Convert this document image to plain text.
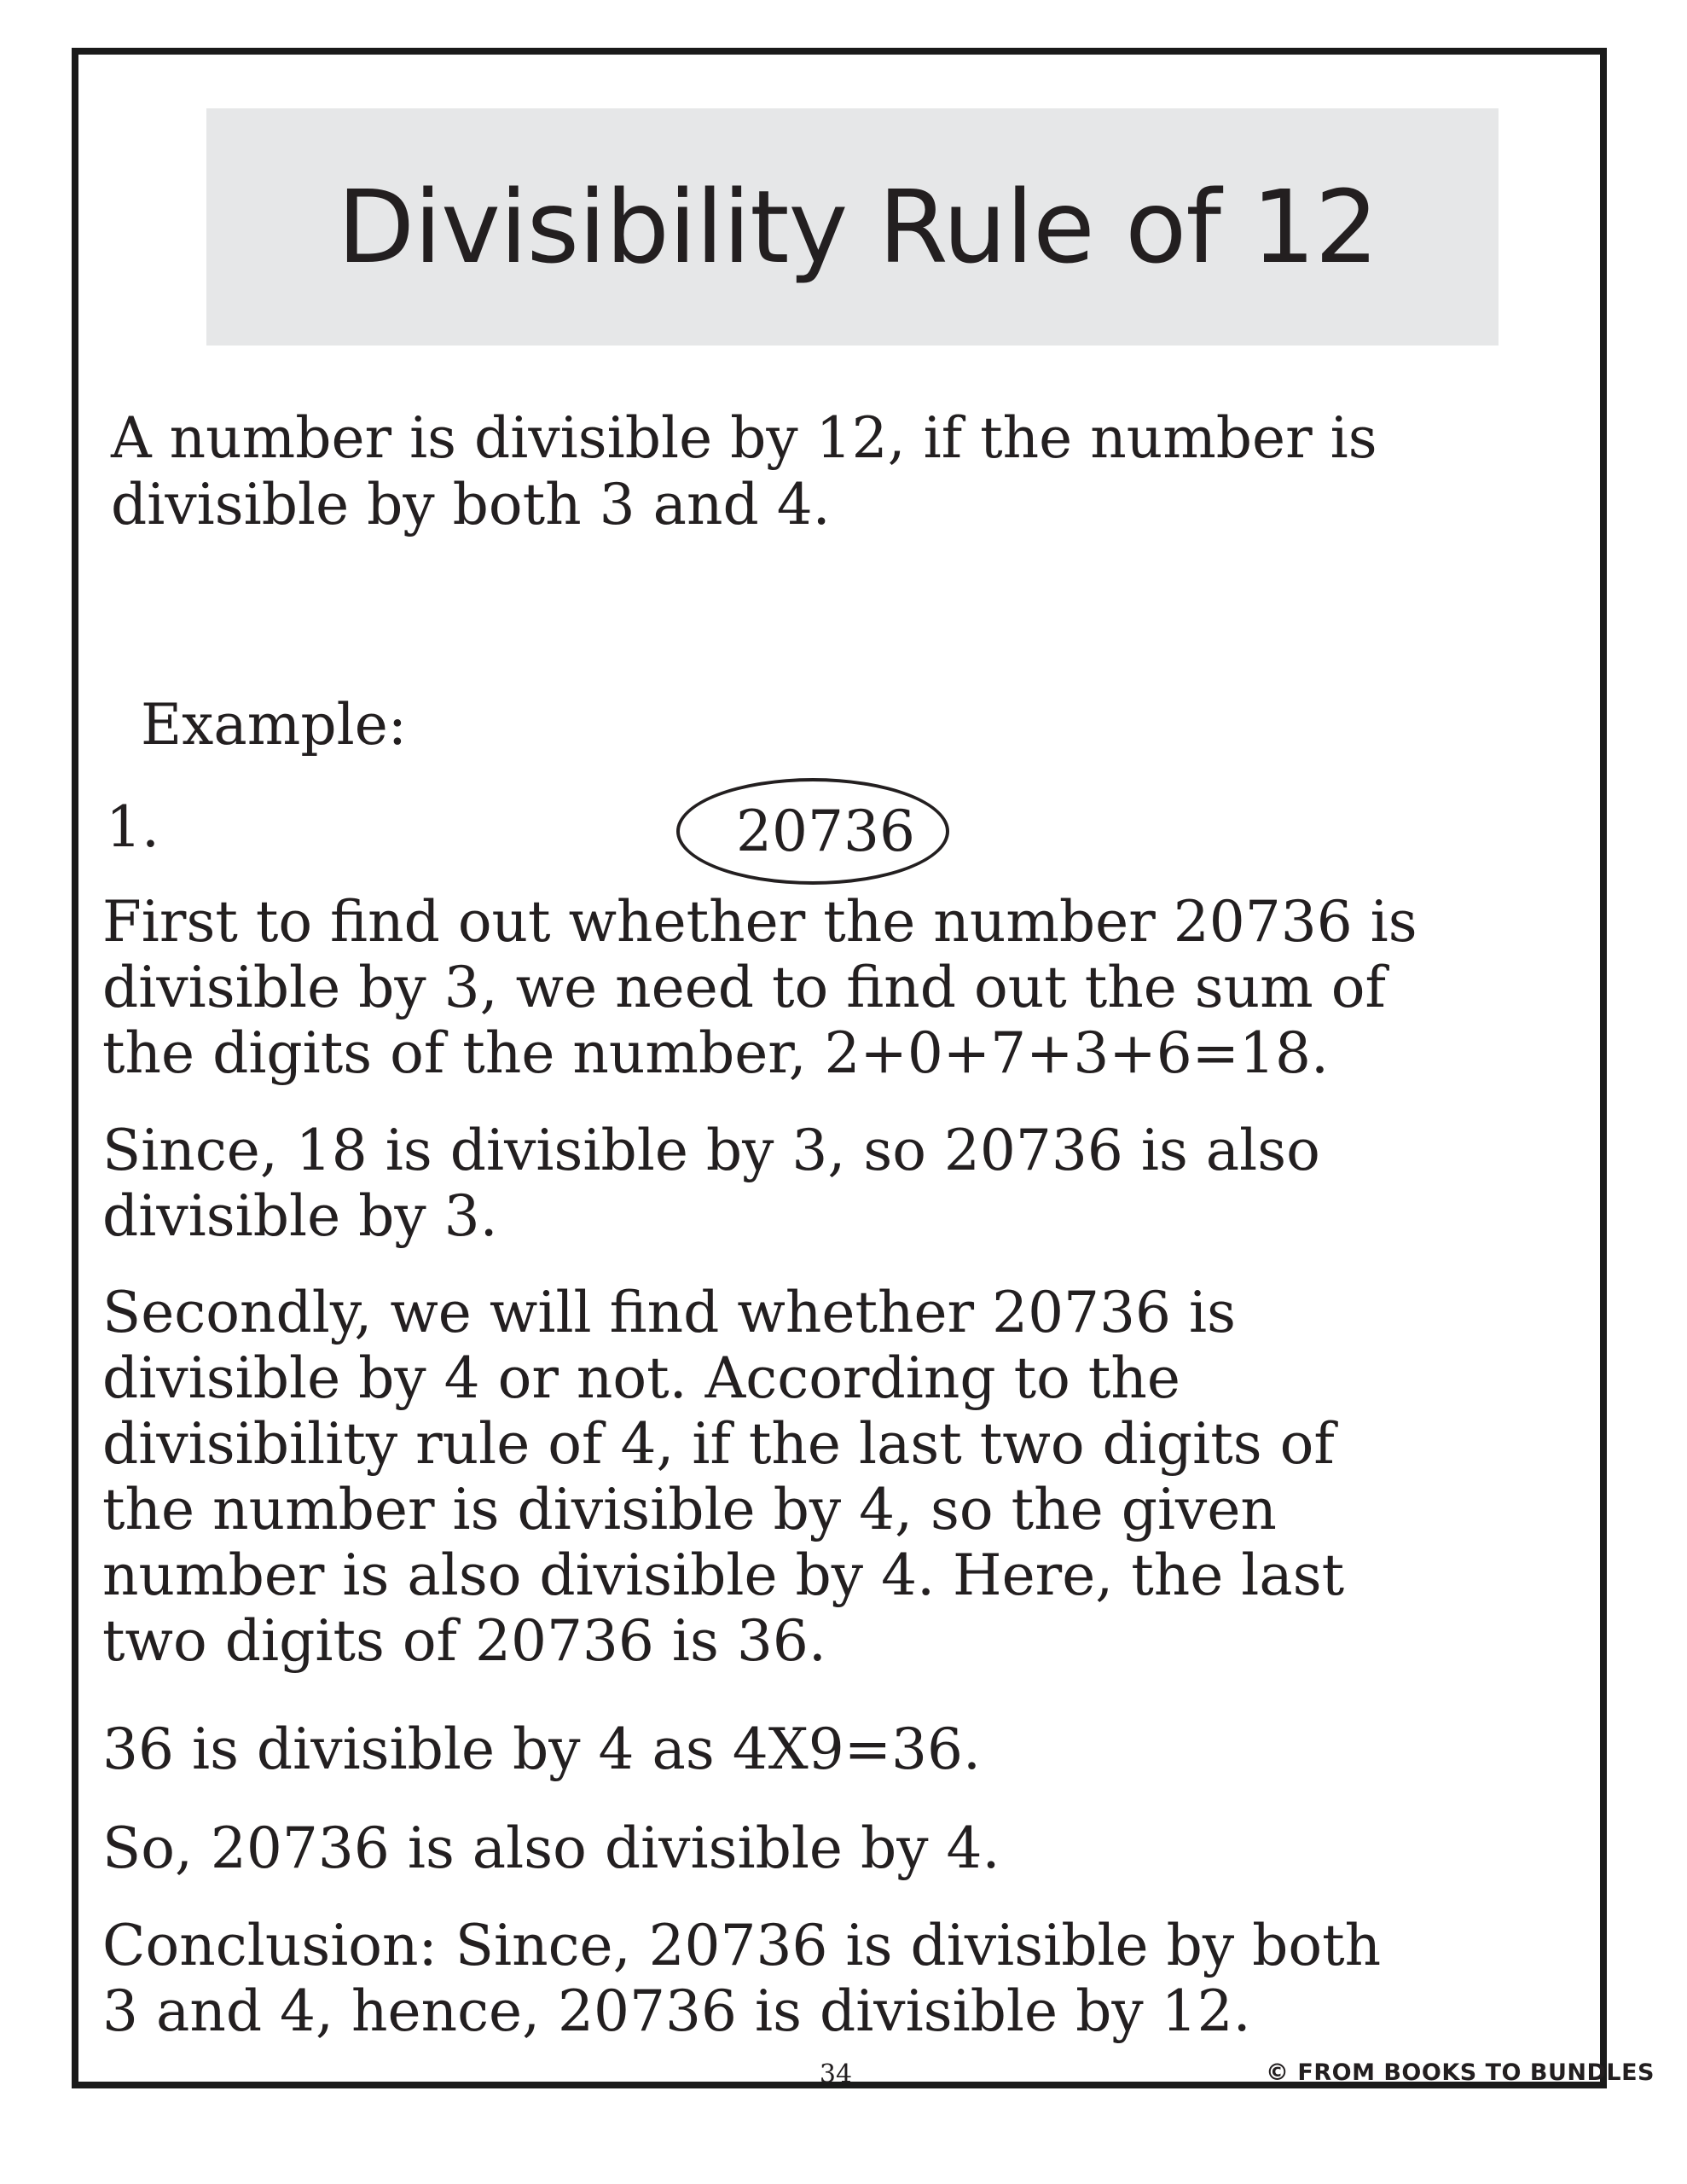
Divisibility Rule of 12

A number is divisible by 12, if the number is
divisible by both 3 and 4.

Example:

1.	20736

First to find out whether the number 20736 is
divisible by 3, we need to find out the sum of
the digits of the number, 2+0+7+3+6=18.

Since, 18 is divisible by 3, so 20736 is also
divisible by 3.

Secondly, we will find whether 20736 is
divisible by 4 or not. According to the
divisibility rule of 4, if the last two digits of
the number is divisible by 4, so the given
number is also divisible by 4. Here, the last
two digits of 20736 is 36.

36 is divisible by 4 as 4X9=36.

So, 20736 is also divisible by 4.

Conclusion: Since, 20736 is divisible by both
3 and 4, hence, 20736 is divisible by 12.

34	© FROM BOOKS TO BUNDLES
